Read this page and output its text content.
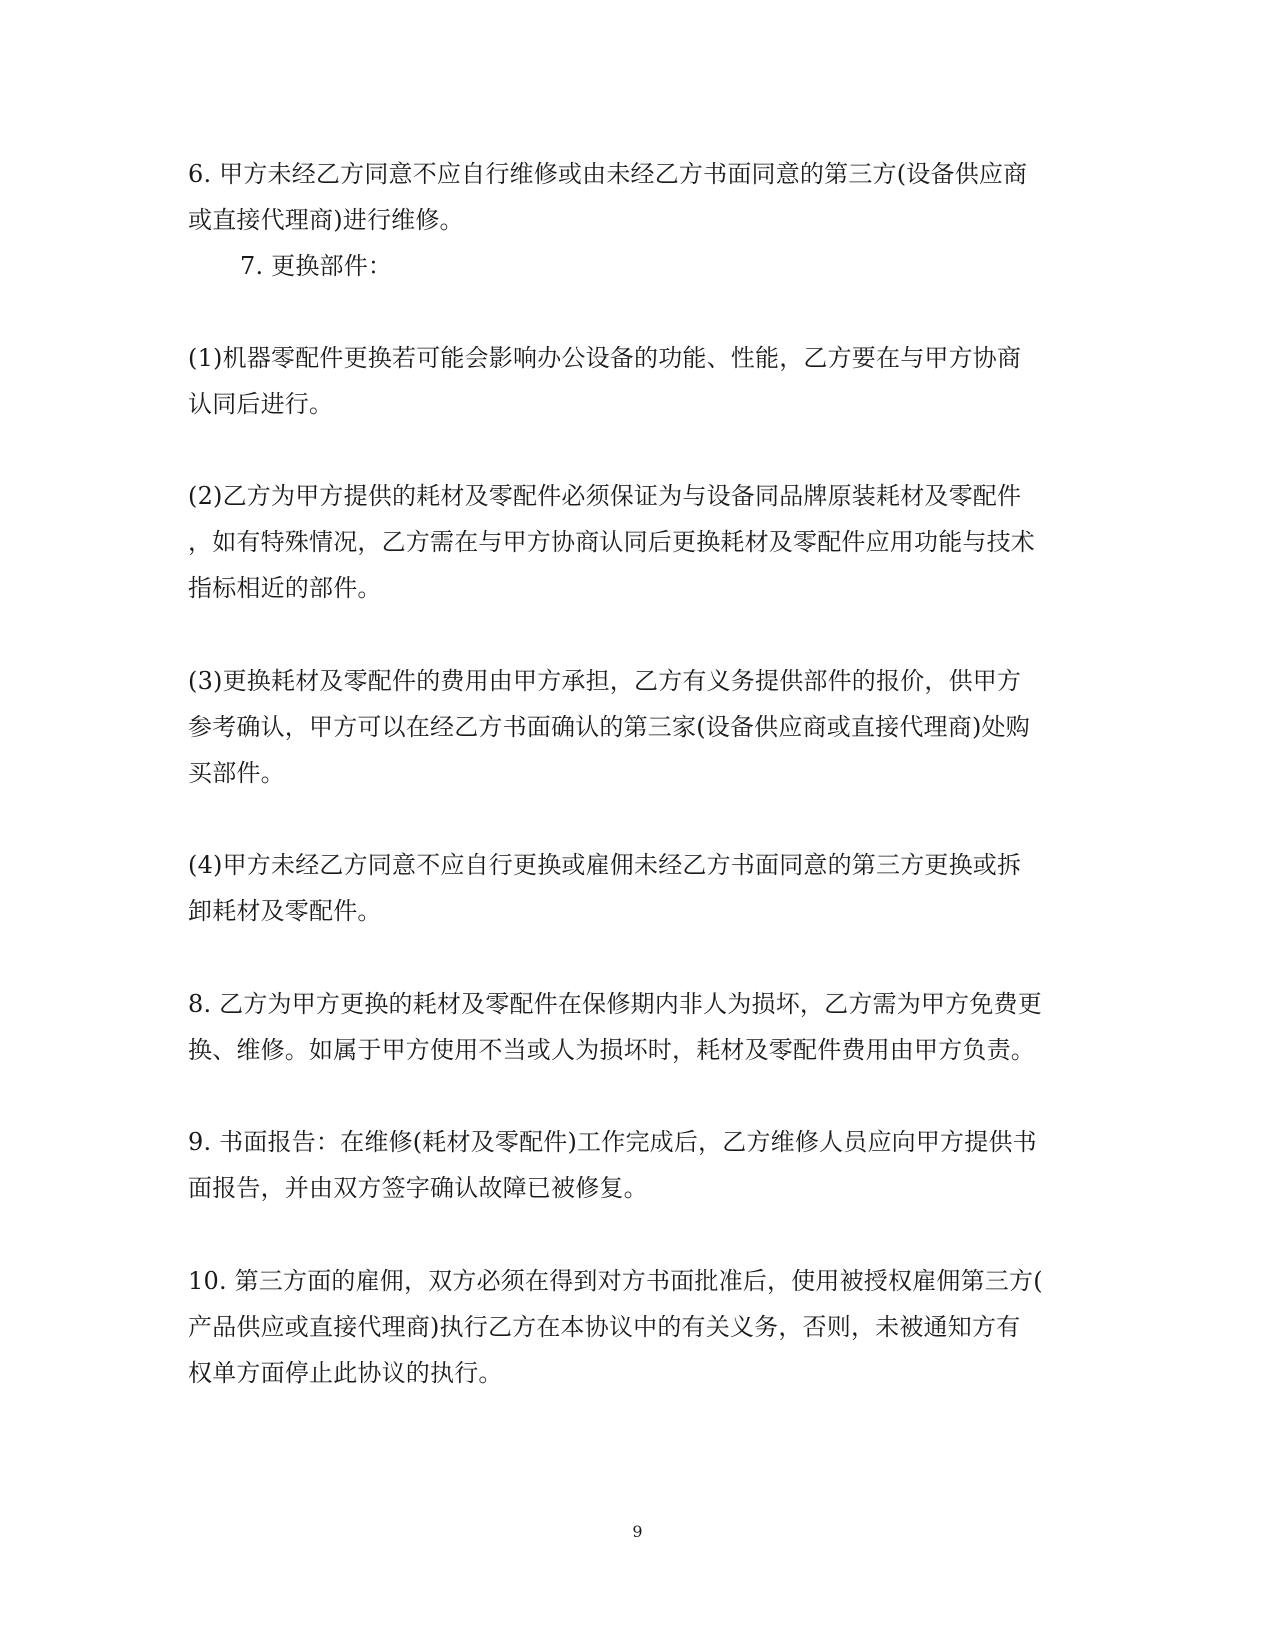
6. 甲方未经乙方同意不应自行维修或由未经乙方书面同意的第三方(设备供应商
或直接代理商)进行维修。
7. 更换部件：
(1)机器零配件更换若可能会影响办公设备的功能、性能，乙方要在与甲方协商
认同后进行。
(2)乙方为甲方提供的耗材及零配件必须保证为与设备同品牌原装耗材及零配件
，如有特殊情况，乙方需在与甲方协商认同后更换耗材及零配件应用功能与技术
指标相近的部件。
(3)更换耗材及零配件的费用由甲方承担，乙方有义务提供部件的报价，供甲方
参考确认，甲方可以在经乙方书面确认的第三家(设备供应商或直接代理商)处购
买部件。
(4)甲方未经乙方同意不应自行更换或雇佣未经乙方书面同意的第三方更换或拆
卸耗材及零配件。
8. 乙方为甲方更换的耗材及零配件在保修期内非人为损坏，乙方需为甲方免费更
换、维修。如属于甲方使用不当或人为损坏时，耗材及零配件费用由甲方负责。
9. 书面报告：在维修(耗材及零配件)工作完成后，乙方维修人员应向甲方提供书
面报告，并由双方签字确认故障已被修复。
10. 第三方面的雇佣，双方必须在得到对方书面批准后，使用被授权雇佣第三方(
产品供应或直接代理商)执行乙方在本协议中的有关义务，否则，未被通知方有
权单方面停止此协议的执行。
9
